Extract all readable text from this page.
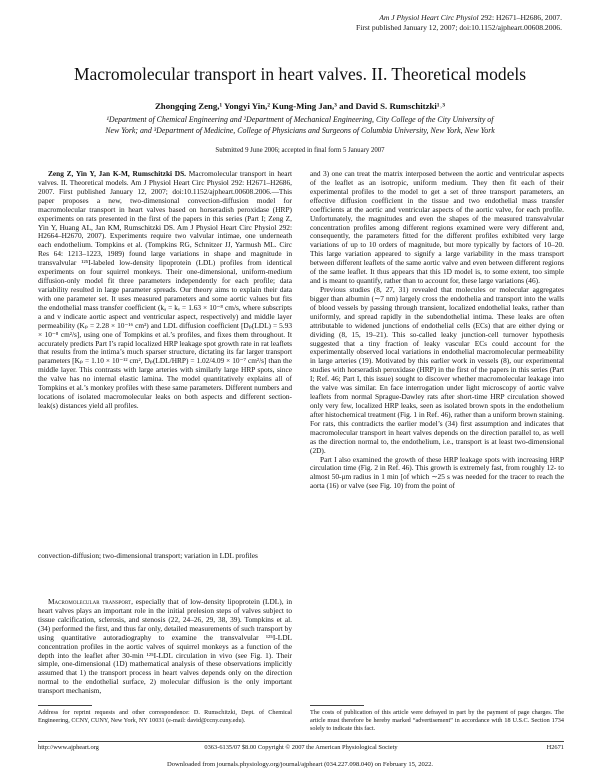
Am J Physiol Heart Circ Physiol 292: H2671–H2686, 2007.
First published January 12, 2007; doi:10.1152/ajpheart.00608.2006.
Macromolecular transport in heart valves. II. Theoretical models
Zhongqing Zeng,¹ Yongyi Yin,² Kung-Ming Jan,³ and David S. Rumschitzki¹˒³
¹Department of Chemical Engineering and ²Department of Mechanical Engineering, City College of the City University of
New York; and ³Department of Medicine, College of Physicians and Surgeons of Columbia University, New York, New York
Submitted 9 June 2006; accepted in final form 5 January 2007

Zeng Z, Yin Y, Jan K-M, Rumschitzki DS. Macromolecular transport in heart valves. II. Theoretical models. Am J Physiol Heart Circ Physiol 292: H2671–H2686, 2007. First published January 12, 2007; doi:10.1152/ajpheart.00608.2006.—This paper proposes a new, two-dimensional convection-diffusion model for macromolecular transport in heart valves based on horseradish peroxidase (HRP) experiments on rats presented in the first of the papers in this series (Part I; Zeng Z, Yin Y, Huang AL, Jan KM, Rumschitzki DS. Am J Physiol Heart Circ Physiol 292: H2664–H2670, 2007). Experiments require two valvular intimae, one underneath each endothelium. Tompkins et al. (Tompkins RG, Schnitzer JJ, Yarmush ML. Circ Res 64: 1213–1223, 1989) found large variations in shape and magnitude in transvalvular ¹²⁵I-labeled low-density lipoprotein (LDL) profiles from identical experiments on four squirrel monkeys. Their one-dimensional, uniform-medium diffusion-only model fit three parameters independently for each profile; data variability resulted in large parameter spreads. Our theory aims to explain their data with one parameter set. It uses measured parameters and some aortic values but fits the endothelial mass transfer coefficient (kₐ = kᵥ = 1.63 × 10⁻⁸ cm/s, where subscripts a and v indicate aortic aspect and ventricular aspect, respectively) and middle layer permeability (Kₚ = 2.28 × 10⁻¹⁶ cm²) and LDL diffusion coefficient [Dₚ(LDL) = 5.93 × 10⁻⁸ cm²/s], using one of Tompkins et al.’s profiles, and fixes them throughout. It accurately predicts Part I’s rapid localized HRP leakage spot growth rate in rat leaflets that results from the intima’s much sparser structure, dictating its far larger transport parameters [Kₚ = 1.10 × 10⁻¹² cm², Dₚ(LDL/HRP) = 1.02/4.09 × 10⁻⁷ cm²/s] than the middle layer. This contrasts with large arteries with similarly large HRP spots, since the valve has no internal elastic lamina. The model quantitatively explains all of Tompkins et al.’s monkey profiles with these same parameters. Different numbers and locations of isolated macromolecular leaks on both aspects and different section-leak(s) distances yield all profiles.

convection-diffusion; two-dimensional transport; variation in LDL profiles

Macromolecular transport, especially that of low-density lipoprotein (LDL), in heart valves plays an important role in the initial prelesion steps of valves subject to tissue calcification, sclerosis, and stenosis (22, 24–26, 29, 38, 39). Tompkins et al. (34) performed the first, and thus far only, detailed measurements of such transport by using quantitative autoradiography to examine the transvalvular ¹²⁵I-LDL concentration profiles in the aortic valves of squirrel monkeys as a function of the depth into the leaflet after 30-min ¹²⁵I-LDL circulation in vivo (see Fig. 1). Their simple, one-dimensional (1D) mathematical analysis of these observations implicitly assumed that 1) the transport process in heart valves depends only on the direction normal to the endothelial surface, 2) molecular diffusion is the only important transport mechanism,

and 3) one can treat the matrix interposed between the aortic and ventricular aspects of the leaflet as an isotropic, uniform medium. They then fit each of their experimental profiles to the model to get a set of three transport parameters, an effective diffusion coefficient in the tissue and two endothelial mass transfer coefficients at the aortic and ventricular aspects of the aortic valve, for each profile. Unfortunately, the magnitudes and even the shapes of the measured transvalvular concentration profiles among different regions examined were very different and, consequently, the parameters fitted for the different profiles exhibited very large variations of up to 10 orders of magnitude, but more typically by factors of 10–20. This large variation appeared to signify a large variability in the mass transport between different leaflets of the same aortic valve and even between different regions of the same leaflet. It thus appears that this 1D model is, to some extent, too simple and is meant to quantify, rather than to account for, these large variations (46).

Previous studies (8, 27, 31) revealed that molecules or molecular aggregates bigger than albumin (∼7 nm) largely cross the endothelia and transport into the walls of blood vessels by passing through transient, localized endothelial leaks, rather than uniformly, and spread rapidly in the subendothelial intima. These leaks are often attributable to widened junctions of endothelial cells (ECs) that are either dying or dividing (8, 15, 19–21). This so-called leaky junction-cell turnover hypothesis suggested that a tiny fraction of leaky vascular ECs could account for the experimentally observed local variations in endothelial macromolecular permeability in large arteries (19). Motivated by this earlier work in vessels (8), our experimental studies with horseradish peroxidase (HRP) in the first of the papers in this series (Part I; Ref. 46; Part I, this issue) sought to discover whether macromolecular leakage into the valve was similar. En face interrogation under light microscopy of aortic valve leaflets from normal Sprague-Dawley rats after short-time HRP circulation showed only very few, localized HRP leaks, seen as isolated brown spots in the endothelium after histochemical treatment (Fig. 1 in Ref. 46), rather than a uniform brown staining. For rats, this contradicts the earlier model’s (34) first assumption and indicates that macromolecular transport in heart valves depends on the direction parallel to, as well as the direction normal to, the endothelium, i.e., transport is at least two-dimensional (2D).

Part I also examined the growth of these HRP leakage spots with increasing HRP circulation time (Fig. 2 in Ref. 46). This growth is extremely fast, from roughly 12- to almost 50-μm radius in 1 min [of which ∼25 s was needed for the tracer to reach the aorta (16) or valve (see Fig. 10) from the point of

Address for reprint requests and other correspondence: D. Rumschitzki, Dept. of Chemical Engineering, CCNY, CUNY, New York, NY 10031 (e-mail: david@ccny.cuny.edu).
The costs of publication of this article were defrayed in part by the payment of page charges. The article must therefore be hereby marked “advertisement” in accordance with 18 U.S.C. Section 1734 solely to indicate this fact.
http://www.ajpheart.org	0363-6135/07 $8.00 Copyright © 2007 the American Physiological Society	H2671
Downloaded from journals.physiology.org/journal/ajpheart (034.227.098.040) on February 15, 2022.
